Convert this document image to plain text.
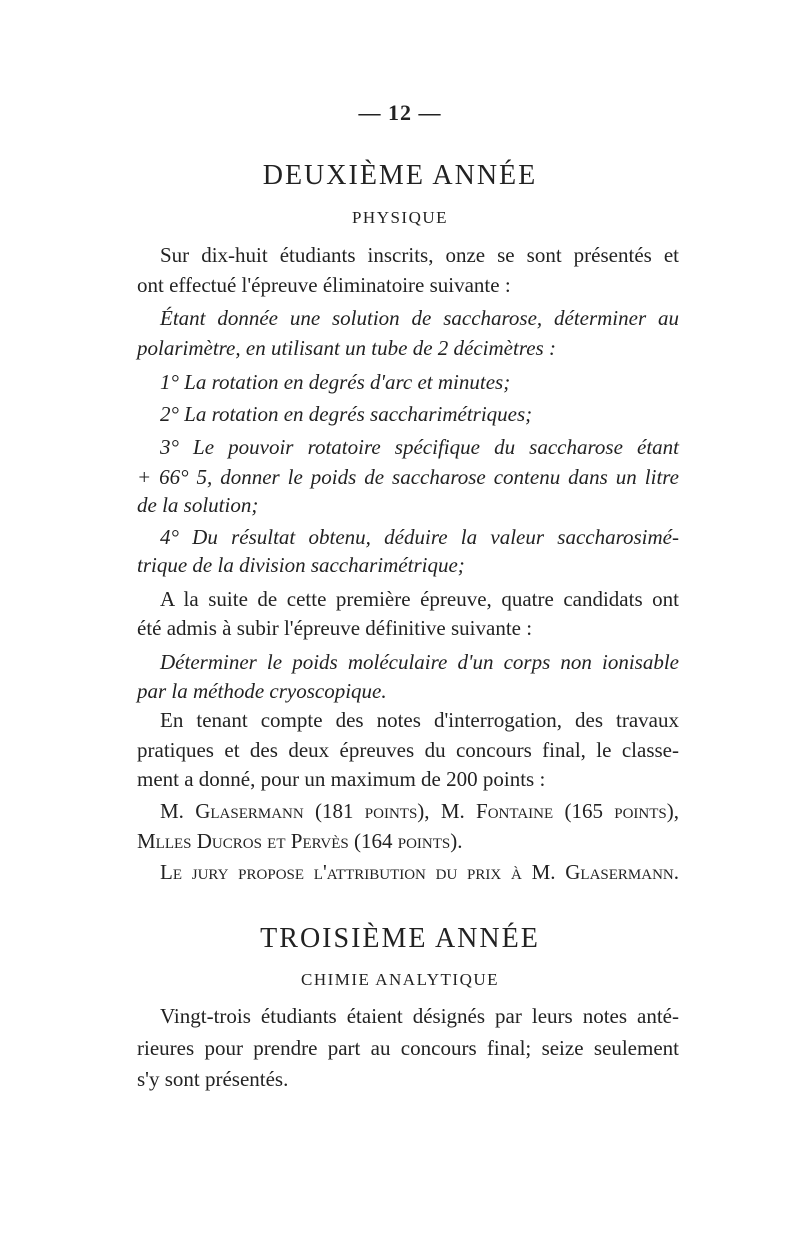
— 12 —
DEUXIÈME ANNÉE
PHYSIQUE
Sur dix-huit étudiants inscrits, onze se sont présentés et
ont effectué l'épreuve éliminatoire suivante :
Étant donnée une solution de saccharose, déterminer au
polarimètre, en utilisant un tube de 2 décimètres :
1° La rotation en degrés d'arc et minutes;
2° La rotation en degrés saccharimétriques;
3° Le pouvoir rotatoire spécifique du saccharose étant
+ 66° 5, donner le poids de saccharose contenu dans un litre
de la solution;
4° Du résultat obtenu, déduire la valeur saccharosimé-
trique de la division saccharimétrique;
A la suite de cette première épreuve, quatre candidats ont
été admis à subir l'épreuve définitive suivante :
Déterminer le poids moléculaire d'un corps non ionisable
par la méthode cryoscopique.
En tenant compte des notes d'interrogation, des travaux
pratiques et des deux épreuves du concours final, le classe-
ment a donné, pour un maximum de 200 points :
M. Glasermann (181 points), M. Fontaine (165 points),
Mlles Ducros et Pervès (164 points).
Le jury propose l'attribution du prix à M. Glasermann.
TROISIÈME ANNÉE
CHIMIE ANALYTIQUE
Vingt-trois étudiants étaient désignés par leurs notes anté-
rieures pour prendre part au concours final; seize seulement
s'y sont présentés.
